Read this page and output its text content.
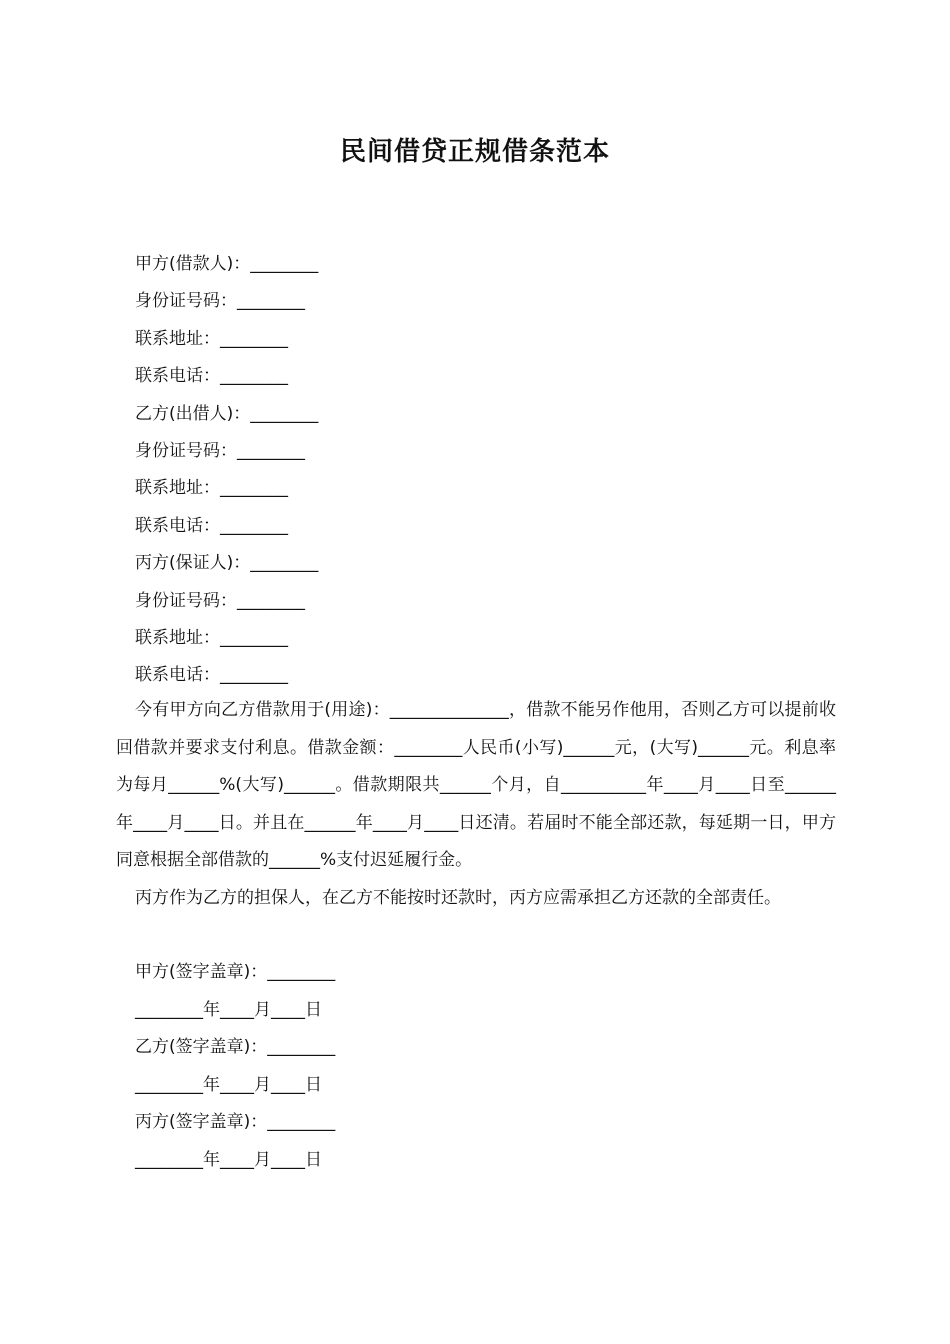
民间借贷正规借条范本
甲方(借款人)：________
身份证号码：________
联系地址：________
联系电话：________
乙方(出借人)：________
身份证号码：________
联系地址：________
联系电话：________
丙方(保证人)：________
身份证号码：________
联系地址：________
联系电话：________

今有甲方向乙方借款用于(用途)：______________，借款不能另作他用，否则乙方可以提前收回借款并要求支付利息。借款金额：________人民币(小写)______元，(大写)______元。利息率为每月______%(大写)______。借款期限共______个月，自__________年____月____日至______年____月____日。并且在______年____月____日还清。若届时不能全部还款，每延期一日，甲方同意根据全部借款的______%支付迟延履行金。

丙方作为乙方的担保人，在乙方不能按时还款时，丙方应需承担乙方还款的全部责任。

甲方(签字盖章)：________
________年____月____日
乙方(签字盖章)：________
________年____月____日
丙方(签字盖章)：________
________年____月____日
